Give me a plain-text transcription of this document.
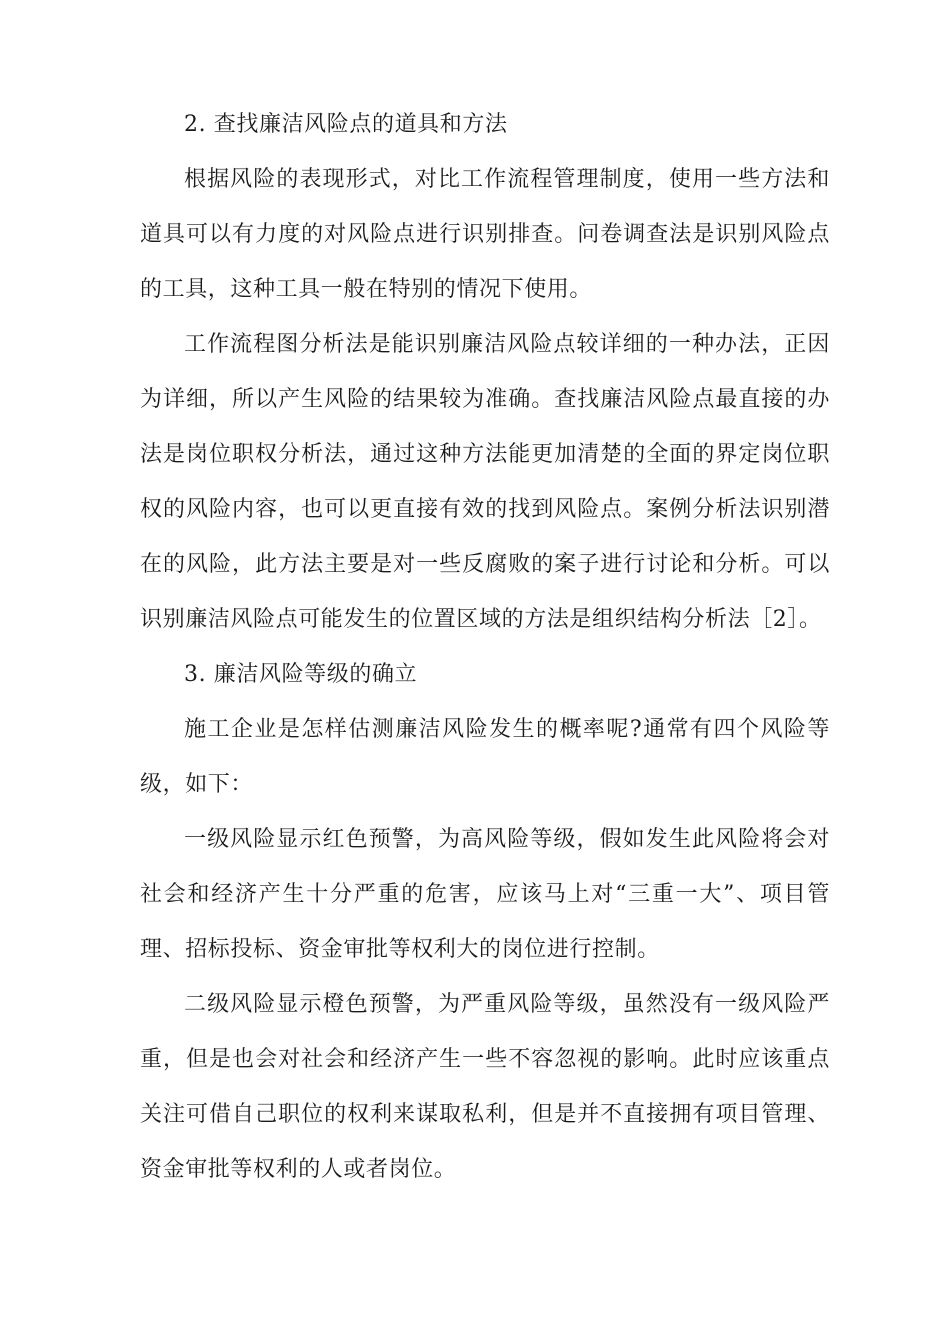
2. 查找廉洁风险点的道具和方法

根据风险的表现形式，对比工作流程管理制度，使用一些方法和道具可以有力度的对风险点进行识别排查。问卷调查法是识别风险点的工具，这种工具一般在特别的情况下使用。

工作流程图分析法是能识别廉洁风险点较详细的一种办法，正因为详细，所以产生风险的结果较为准确。查找廉洁风险点最直接的办法是岗位职权分析法，通过这种方法能更加清楚的全面的界定岗位职权的风险内容，也可以更直接有效的找到风险点。案例分析法识别潜在的风险，此方法主要是对一些反腐败的案子进行讨论和分析。可以识别廉洁风险点可能发生的位置区域的方法是组织结构分析法［2］。

3. 廉洁风险等级的确立

施工企业是怎样估测廉洁风险发生的概率呢?通常有四个风险等级，如下：

一级风险显示红色预警，为高风险等级，假如发生此风险将会对社会和经济产生十分严重的危害，应该马上对“三重一大”、项目管理、招标投标、资金审批等权利大的岗位进行控制。

二级风险显示橙色预警，为严重风险等级，虽然没有一级风险严重，但是也会对社会和经济产生一些不容忽视的影响。此时应该重点关注可借自己职位的权利来谋取私利，但是并不直接拥有项目管理、资金审批等权利的人或者岗位。
